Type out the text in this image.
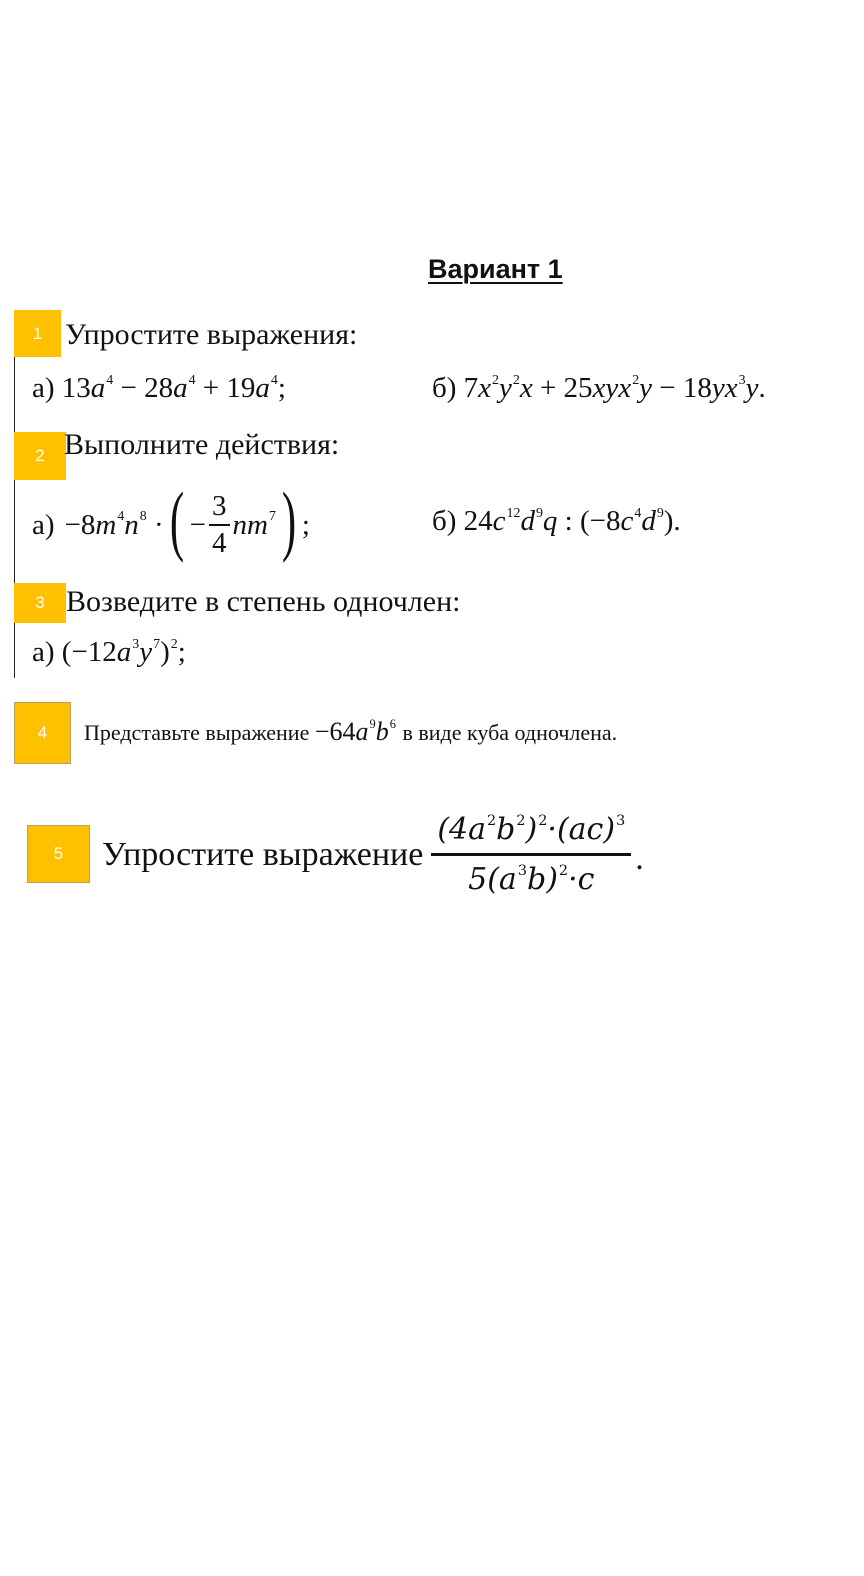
Вариант 1
1 Упростите выражения:
а) $13a^4 - 28a^4 + 19a^4$;	б) $7x^2y^2x + 25xyx^2y - 18yx^3y$.
2 Выполните действия:
$а) -8m^4n^8$ · ( − $\frac{3}{4} nm^7$ ) ;	б) $24c^{12}d^9q$ : $(-8c^4d^9)$.
3 Возведите в степень одночлен:
а) $(-12a^3y^7)^2$;
4	Представьте выражение $-64a^9b^6$ в виде куба одночлена.
5	Упростите выражение $\frac{(4a^2b^2)^2\cdot(ac)^3}{5(a^3b)^2\cdot c}$ .
